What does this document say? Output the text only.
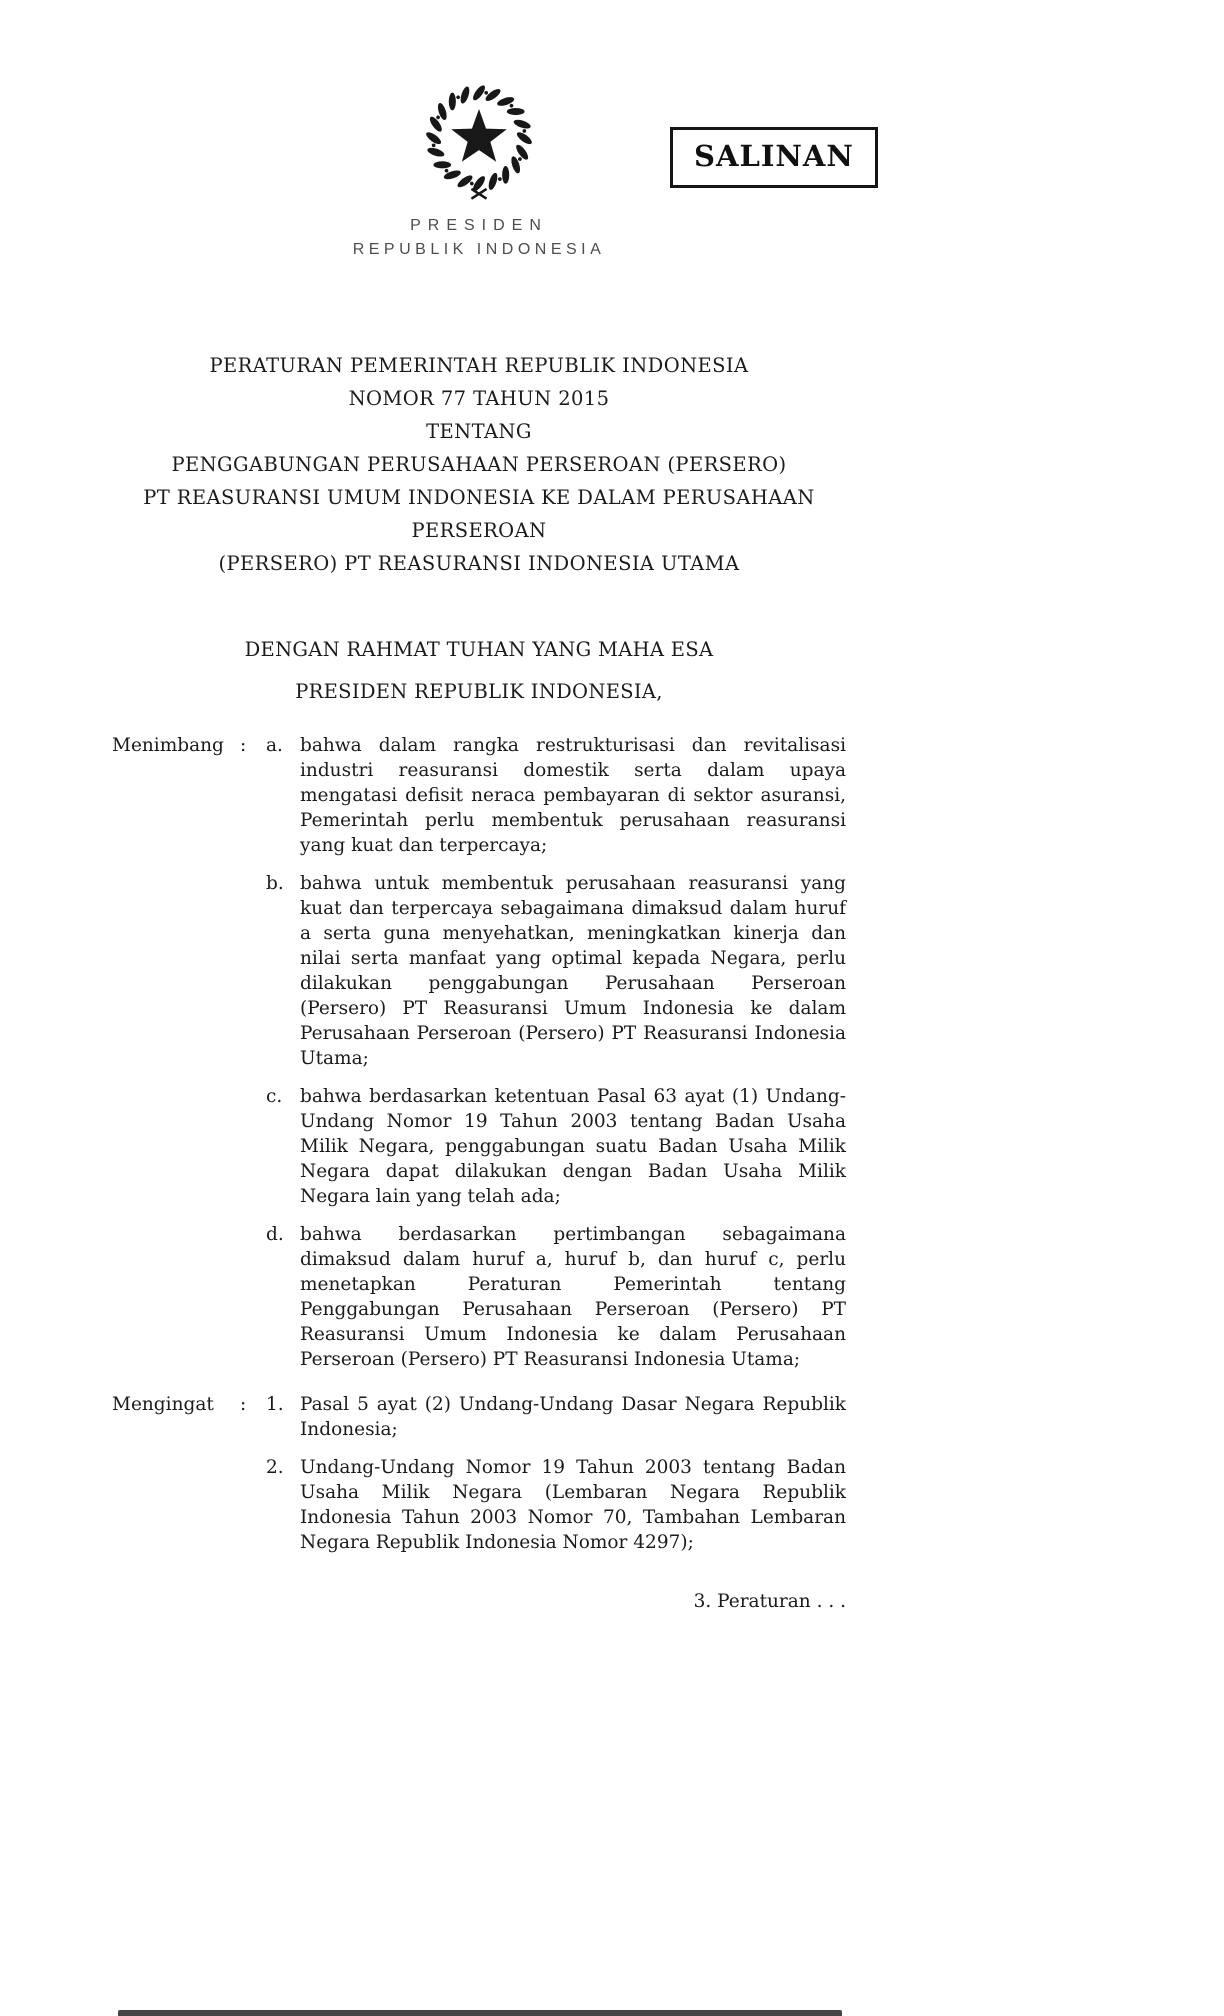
SALINAN
PRESIDEN
REPUBLIK INDONESIA
PERATURAN PEMERINTAH REPUBLIK INDONESIA
NOMOR 77 TAHUN 2015
TENTANG
PENGGABUNGAN PERUSAHAAN PERSEROAN (PERSERO)
PT REASURANSI UMUM INDONESIA KE DALAM PERUSAHAAN PERSEROAN
(PERSERO) PT REASURANSI INDONESIA UTAMA
DENGAN RAHMAT TUHAN YANG MAHA ESA
PRESIDEN REPUBLIK INDONESIA,
Menimbang :	a. bahwa dalam rangka restrukturisasi dan revitalisasi industri reasuransi domestik serta dalam upaya mengatasi defisit neraca pembayaran di sektor asuransi, Pemerintah perlu membentuk perusahaan reasuransi yang kuat dan terpercaya;
b. bahwa untuk membentuk perusahaan reasuransi yang kuat dan terpercaya sebagaimana dimaksud dalam huruf a serta guna menyehatkan, meningkatkan kinerja dan nilai serta manfaat yang optimal kepada Negara, perlu dilakukan penggabungan Perusahaan Perseroan (Persero) PT Reasuransi Umum Indonesia ke dalam Perusahaan Perseroan (Persero) PT Reasuransi Indonesia Utama;
c. bahwa berdasarkan ketentuan Pasal 63 ayat (1) Undang-Undang Nomor 19 Tahun 2003 tentang Badan Usaha Milik Negara, penggabungan suatu Badan Usaha Milik Negara dapat dilakukan dengan Badan Usaha Milik Negara lain yang telah ada;
d. bahwa berdasarkan pertimbangan sebagaimana dimaksud dalam huruf a, huruf b, dan huruf c, perlu menetapkan Peraturan Pemerintah tentang Penggabungan Perusahaan Perseroan (Persero) PT Reasuransi Umum Indonesia ke dalam Perusahaan Perseroan (Persero) PT Reasuransi Indonesia Utama;
Mengingat	:	1. Pasal 5 ayat (2) Undang-Undang Dasar Negara Republik Indonesia;
2. Undang-Undang Nomor 19 Tahun 2003 tentang Badan Usaha Milik Negara (Lembaran Negara Republik Indonesia Tahun 2003 Nomor 70, Tambahan Lembaran Negara Republik Indonesia Nomor 4297);
3. Peraturan . . .
